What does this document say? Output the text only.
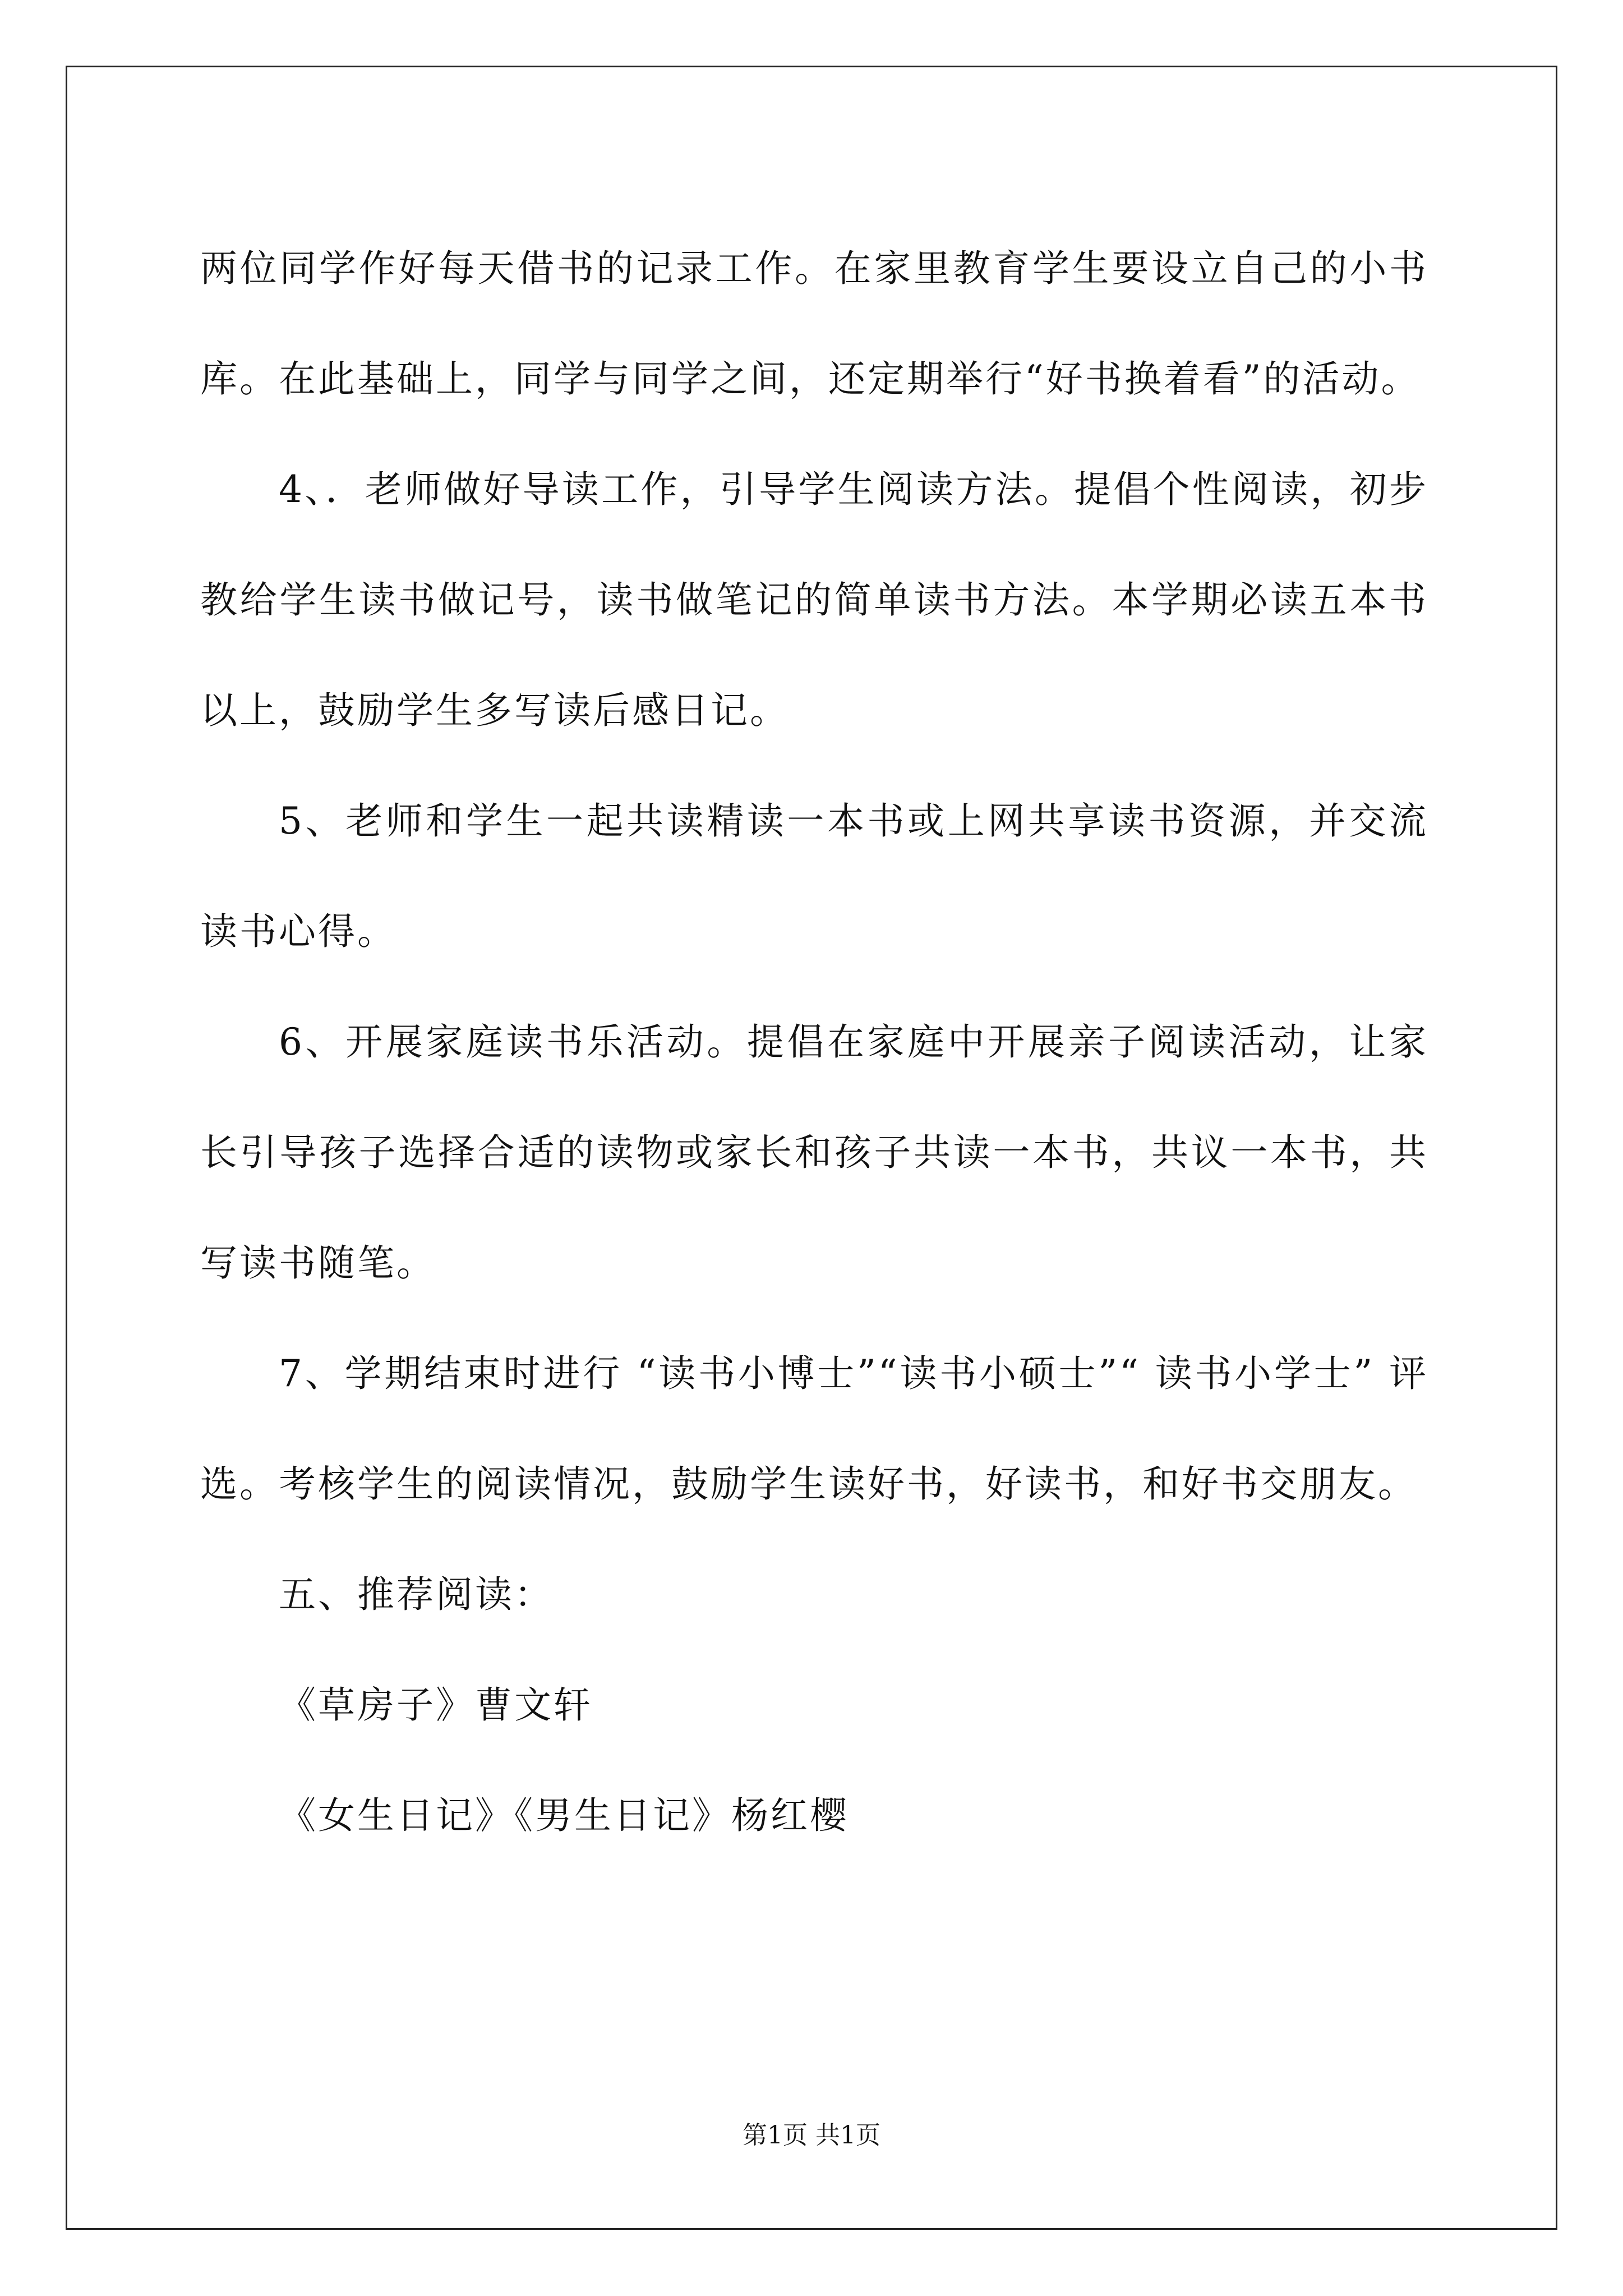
两位同学作好每天借书的记录工作。在家里教育学生要设立自己的小书库。在此基础上，同学与同学之间，还定期举行“好书换着看”的活动。

4、．老师做好导读工作，引导学生阅读方法。提倡个性阅读，初步教给学生读书做记号，读书做笔记的简单读书方法。本学期必读五本书以上，鼓励学生多写读后感日记。

5、老师和学生一起共读精读一本书或上网共享读书资源，并交流读书心得。

6、开展家庭读书乐活动。提倡在家庭中开展亲子阅读活动，让家长引导孩子选择合适的读物或家长和孩子共读一本书，共议一本书，共写读书随笔。

7、学期结束时进行 “读书小博士”“读书小硕士”“ 读书小学士” 评选。考核学生的阅读情况，鼓励学生读好书，好读书，和好书交朋友。

五、推荐阅读：

《草房子》曹文轩

《女生日记》《男生日记》杨红樱

第1页 共1页
